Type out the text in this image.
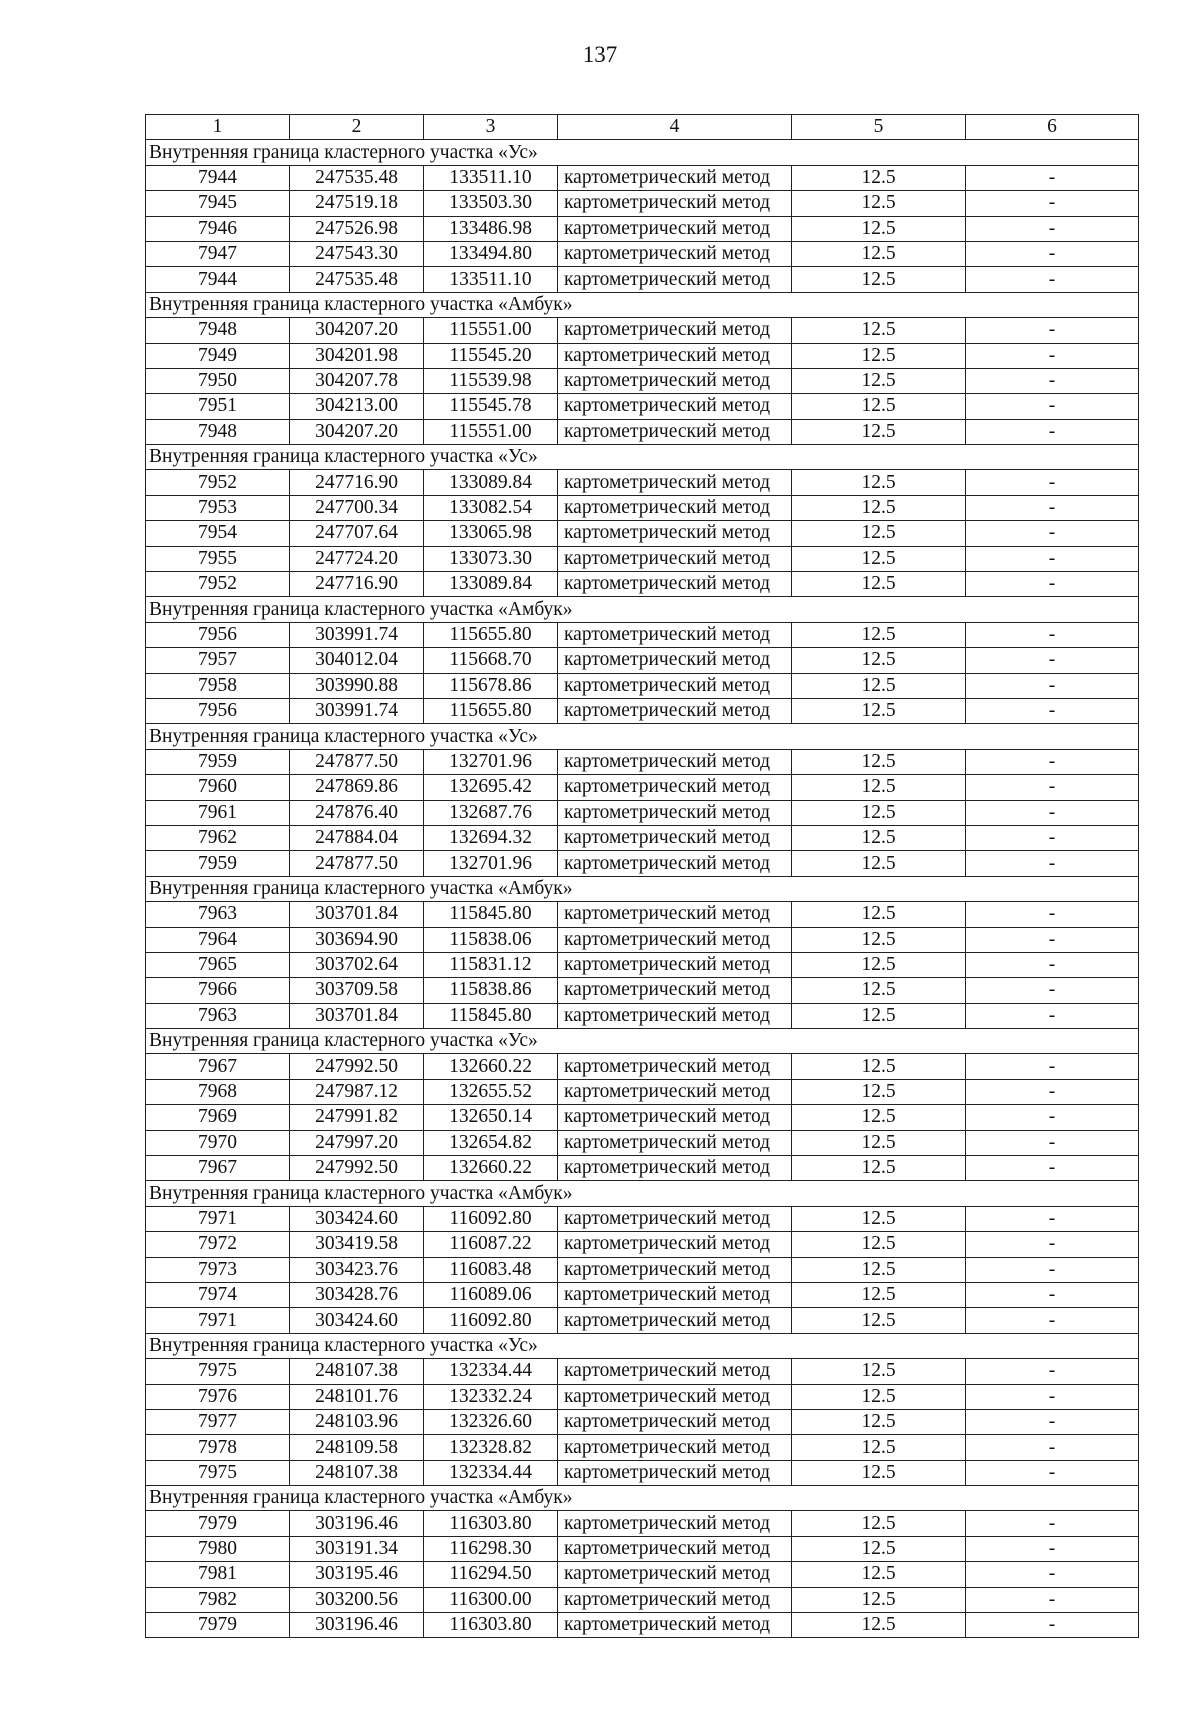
137
1	2	3	4	5	6
Внутренняя граница кластерного участка «Ус»					
7944	247535.48	133511.10	картометрический метод	12.5	-
7945	247519.18	133503.30	картометрический метод	12.5	-
7946	247526.98	133486.98	картометрический метод	12.5	-
7947	247543.30	133494.80	картометрический метод	12.5	-
7944	247535.48	133511.10	картометрический метод	12.5	-
Внутренняя граница кластерного участка «Амбук»					
7948	304207.20	115551.00	картометрический метод	12.5	-
7949	304201.98	115545.20	картометрический метод	12.5	-
7950	304207.78	115539.98	картометрический метод	12.5	-
7951	304213.00	115545.78	картометрический метод	12.5	-
7948	304207.20	115551.00	картометрический метод	12.5	-
Внутренняя граница кластерного участка «Ус»					
7952	247716.90	133089.84	картометрический метод	12.5	-
7953	247700.34	133082.54	картометрический метод	12.5	-
7954	247707.64	133065.98	картометрический метод	12.5	-
7955	247724.20	133073.30	картометрический метод	12.5	-
7952	247716.90	133089.84	картометрический метод	12.5	-
Внутренняя граница кластерного участка «Амбук»					
7956	303991.74	115655.80	картометрический метод	12.5	-
7957	304012.04	115668.70	картометрический метод	12.5	-
7958	303990.88	115678.86	картометрический метод	12.5	-
7956	303991.74	115655.80	картометрический метод	12.5	-
Внутренняя граница кластерного участка «Ус»					
7959	247877.50	132701.96	картометрический метод	12.5	-
7960	247869.86	132695.42	картометрический метод	12.5	-
7961	247876.40	132687.76	картометрический метод	12.5	-
7962	247884.04	132694.32	картометрический метод	12.5	-
7959	247877.50	132701.96	картометрический метод	12.5	-
Внутренняя граница кластерного участка «Амбук»					
7963	303701.84	115845.80	картометрический метод	12.5	-
7964	303694.90	115838.06	картометрический метод	12.5	-
7965	303702.64	115831.12	картометрический метод	12.5	-
7966	303709.58	115838.86	картометрический метод	12.5	-
7963	303701.84	115845.80	картометрический метод	12.5	-
Внутренняя граница кластерного участка «Ус»					
7967	247992.50	132660.22	картометрический метод	12.5	-
7968	247987.12	132655.52	картометрический метод	12.5	-
7969	247991.82	132650.14	картометрический метод	12.5	-
7970	247997.20	132654.82	картометрический метод	12.5	-
7967	247992.50	132660.22	картометрический метод	12.5	-
Внутренняя граница кластерного участка «Амбук»					
7971	303424.60	116092.80	картометрический метод	12.5	-
7972	303419.58	116087.22	картометрический метод	12.5	-
7973	303423.76	116083.48	картометрический метод	12.5	-
7974	303428.76	116089.06	картометрический метод	12.5	-
7971	303424.60	116092.80	картометрический метод	12.5	-
Внутренняя граница кластерного участка «Ус»					
7975	248107.38	132334.44	картометрический метод	12.5	-
7976	248101.76	132332.24	картометрический метод	12.5	-
7977	248103.96	132326.60	картометрический метод	12.5	-
7978	248109.58	132328.82	картометрический метод	12.5	-
7975	248107.38	132334.44	картометрический метод	12.5	-
Внутренняя граница кластерного участка «Амбук»					
7979	303196.46	116303.80	картометрический метод	12.5	-
7980	303191.34	116298.30	картометрический метод	12.5	-
7981	303195.46	116294.50	картометрический метод	12.5	-
7982	303200.56	116300.00	картометрический метод	12.5	-
7979	303196.46	116303.80	картометрический метод	12.5	-
